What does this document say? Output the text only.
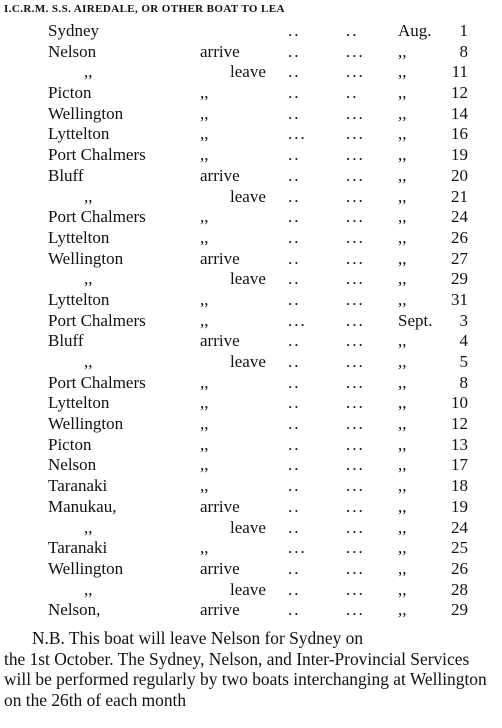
I.C.R.M. S.S. AIREDALE, OR OTHER BOAT TO LEA
Sydney	..	.. Aug.	1
Nelson	arrive	..	... ,,	8
,,	leave ..	... ,,	11
Picton	,,	..	.. ,,	12
Wellington	,,	..	... ,,	14
Lyttelton	,,	... ... ,,	16
Port Chalmers	,,	..	... ,,	19
Bluff	arrive	..	... ,,	20
,,	leave ..	... ,,	21
Port Chalmers	,,	..	... ,,	24
Lyttelton	,,	..	... ,,	26
Wellington	arrive	..	... ,,	27
,,	leave ..	... ,,	29
Lyttelton	,,	..	... ,,	31
Port Chalmers	,,	... ... Sept.	3
Bluff	arrive	..	... ,,	4
,,	leave ..	... ,,	5
Port Chalmers	,,	..	... ,,	8
Lyttelton	,,	..	... ,,	10
Wellington	,,	..	... ,,	12
Picton	,,	..	... ,,	13
Nelson	,,	..	... ,,	17
Taranaki	,,	..	... ,,	18
Manukau,	arrive	..	... ,,	19
,,	leave ..	... ,,	24
Taranaki	,,	... ... ,,	25
Wellington	arrive	..	... ,,	26
,,	leave ..	... ,,	28
Nelson,	arrive	..	... ,,	29

N.B. This boat will leave Nelson for Sydney on

the 1st October. The Sydney, Nelson, and Inter-Provincial Services will be performed regularly by two boats interchanging at Wellington on the 26th of each month
